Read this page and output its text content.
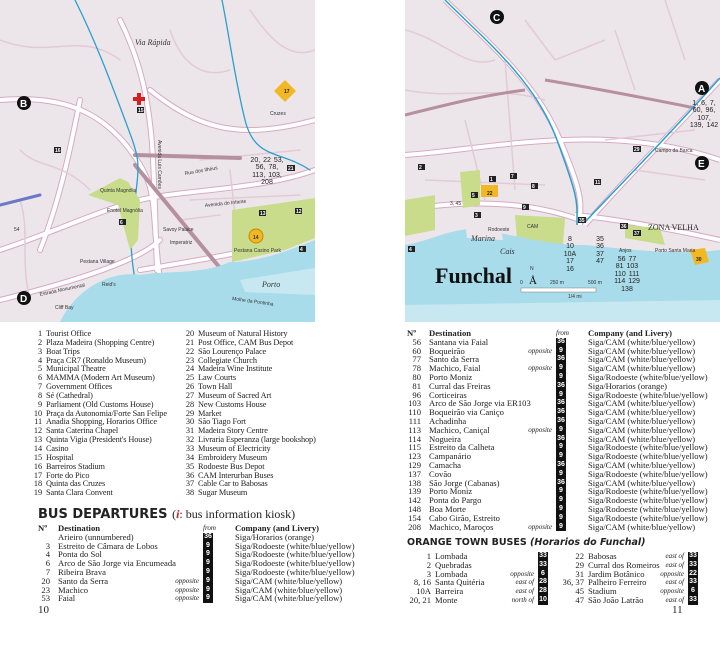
14
B
D
Via Rápida
Avenida Luís Camões
Quinta Magnólia
Enotel Magnólia
Savoy Palace
Pestana Casino Park
Pestana Village
Reid's
Cliff Bay
Estrada Monumental
Rua dos Ilhéus
Avenida do Infante
Cruzes
Imperatriz
54
Porto
Molhe da Pontinha
15
16
13	12
4
6
21
17
20, 22 53, 56, 78, 113, 103, 208
C
A
E
1
2
3
4
5
7
8
9
11
22
29
30
35
36
37
Campo da Barca
Porto Santa Maria
Rodoeste	CAM
Anjos
3, 45
ZONA VELHA
Marina
Cais
Funchal	N
Å
0	250 m	500 m
1/4 mi
1, 6, 7, 60, 96, 107, 139, 142
8 10 10A 17 16
35 36 37 47	56 77 81 103 110 111 114 129 138
1 Tourist Office
2 Plaza Madeira (Shopping Centre)
3 Boat Trips
4 Praça CR7 (Ronaldo Museum)
5 Municipal Theatre
6 MAMMA (Modern Art Museum)
7 Government Offices
8 Sé (Cathedral)
9 Parliament (Old Customs House)
10 Praça da Autonomia/Forte San Felipe
11 Anadia Shopping, Horarios Office
12 Santa Caterina Chapel
13 Quinta Vigia (President's House)
14 Casino
15 Hospital
16 Barreiros Stadium
17 Forte do Pico
18 Quinta das Cruzes
19 Santa Clara Convent
20 Museum of Natural History
21 Post Office, CAM Bus Depot
22 São Lourenço Palace
23 Collegiate Church
24 Madeira Wine Institute
25 Law Courts
26 Town Hall
27 Museum of Sacred Art
28 New Customs House
29 Market
30 São Tiago Fort
31 Madeira Story Centre
32 Livraria Esperanza (large bookshop)
33 Museum of Electricity
34 Embroidery Museum
35 Rodoeste Bus Depot
36 CAM Interurban Buses
37 Cable Car to Babosas
38 Sugar Museum
BUS DEPARTURES (i: bus information kiosk)
Nº	Destination	from	Company (and Livery)
Arieiro (unnumbered)	36	Siga/Horarios (orange)
3 Estreito de Câmara de Lobos	9	Siga/Rodoeste (white/blue/yellow)
4 Ponta do Sol	9	Siga/Rodoeste (white/blue/yellow)
6 Arco de São Jorge via Encumeada	9	Siga/Rodoeste (white/blue/yellow)
7 Ribeira Brava	9	Siga/Rodoeste (white/blue/yellow)
20 Santo da Serra	opposite	9	Siga/CAM (white/blue/yellow)
23 Machico	opposite	9	Siga/CAM (white/blue/yellow)
53 Faial	opposite	9	Siga/CAM (white/blue/yellow)
10
Nº	Destination	from	Company (and Livery)
56 Santana via Faial	36	Siga/CAM (white/blue/yellow)
60 Boqueirão	opposite	9	Siga/CAM (white/blue/yellow)
77 Santo da Serra	36	Siga/CAM (white/blue/yellow)
78 Machico, Faial	opposite	9	Siga/CAM (white/blue/yellow)
80 Porto Moniz	9	Siga/Rodoeste (white/blue/yellow)
81 Curral das Freiras	36	Siga/Horarios (orange)
96 Corticeiras	9	Siga/Rodoeste (white/blue/yellow)
103 Arco de São Jorge via ER103	36	Siga/CAM (white/blue/yellow)
110 Boqueirão via Caniço	36	Siga/CAM (white/blue/yellow)
111 Achadinha	36	Siga/CAM (white/blue/yellow)
113 Machico, Caniçal	opposite	9	Siga/CAM (white/blue/yellow)
114 Nogueira	36	Siga/CAM (white/blue/yellow)
115 Estreito da Calheta	9	Siga/Rodoeste (white/blue/yellow)
123 Campanário	9	Siga/Rodoeste (white/blue/yellow)
129 Camacha	36	Siga/CAM (white/blue/yellow)
137 Covão	9	Siga/Rodoeste (white/blue/yellow)
138 São Jorge (Cabanas)	36	Siga/CAM (white/blue/yellow)
139 Porto Moniz	9	Siga/Rodoeste (white/blue/yellow)
142 Ponta do Pargo	9	Siga/Rodoeste (white/blue/yellow)
148 Boa Morte	9	Siga/Rodoeste (white/blue/yellow)
154 Cabo Girão, Estreito	9	Siga/Rodoeste (white/blue/yellow)
208 Machico, Maroços	opposite	9	Siga/CAM (white/blue/yellow)
ORANGE TOWN BUSES (Horarios do Funchal)
1 Lombada	33
2 Quebradas	33
3 Lombada	opposite	6
8, 16 Santa Quitéria	east of 28
10A Barreira	east of 28
20, 21 Monte	north of 10
22 Babosas	east of 33
29 Curral dos Romeiros east of 33
31 Jardim Botânico	opposite 22
36, 37 Palheiro Ferreiro	east of 33
45 Stadium	opposite	6
47 São João Latrão	east of 33
11
